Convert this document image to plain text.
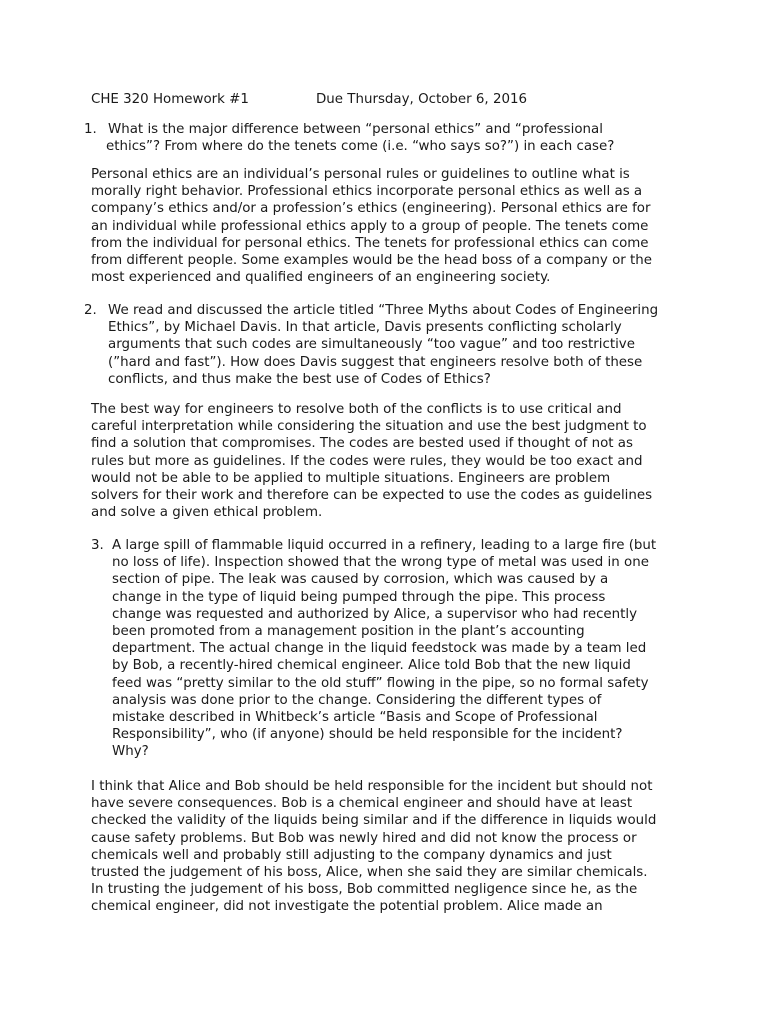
CHE 320 Homework #1	Due Thursday, October 6, 2016
1. What is the major difference between “personal ethics” and “professional
ethics”? From where do the tenets come (i.e. “who says so?”) in each case?
Personal ethics are an individual’s personal rules or guidelines to outline what is
morally right behavior. Professional ethics incorporate personal ethics as well as a
company’s ethics and/or a profession’s ethics (engineering). Personal ethics are for
an individual while professional ethics apply to a group of people. The tenets come
from the individual for personal ethics. The tenets for professional ethics can come
from different people. Some examples would be the head boss of a company or the
most experienced and qualified engineers of an engineering society.
2. We read and discussed the article titled “Three Myths about Codes of Engineering
Ethics”, by Michael Davis. In that article, Davis presents conflicting scholarly
arguments that such codes are simultaneously “too vague” and too restrictive
(”hard and fast”). How does Davis suggest that engineers resolve both of these
conflicts, and thus make the best use of Codes of Ethics?
The best way for engineers to resolve both of the conflicts is to use critical and
careful interpretation while considering the situation and use the best judgment to
find a solution that compromises. The codes are bested used if thought of not as
rules but more as guidelines. If the codes were rules, they would be too exact and
would not be able to be applied to multiple situations. Engineers are problem
solvers for their work and therefore can be expected to use the codes as guidelines
and solve a given ethical problem.
3. A large spill of flammable liquid occurred in a refinery, leading to a large fire (but
no loss of life). Inspection showed that the wrong type of metal was used in one
section of pipe. The leak was caused by corrosion, which was caused by a
change in the type of liquid being pumped through the pipe. This process
change was requested and authorized by Alice, a supervisor who had recently
been promoted from a management position in the plant’s accounting
department. The actual change in the liquid feedstock was made by a team led
by Bob, a recently-hired chemical engineer. Alice told Bob that the new liquid
feed was “pretty similar to the old stuff” flowing in the pipe, so no formal safety
analysis was done prior to the change. Considering the different types of
mistake described in Whitbeck’s article “Basis and Scope of Professional
Responsibility”, who (if anyone) should be held responsible for the incident?
Why?
I think that Alice and Bob should be held responsible for the incident but should not
have severe consequences. Bob is a chemical engineer and should have at least
checked the validity of the liquids being similar and if the difference in liquids would
cause safety problems. But Bob was newly hired and did not know the process or
chemicals well and probably still adjusting to the company dynamics and just
trusted the judgement of his boss, Alice, when she said they are similar chemicals.
In trusting the judgement of his boss, Bob committed negligence since he, as the
chemical engineer, did not investigate the potential problem. Alice made an
